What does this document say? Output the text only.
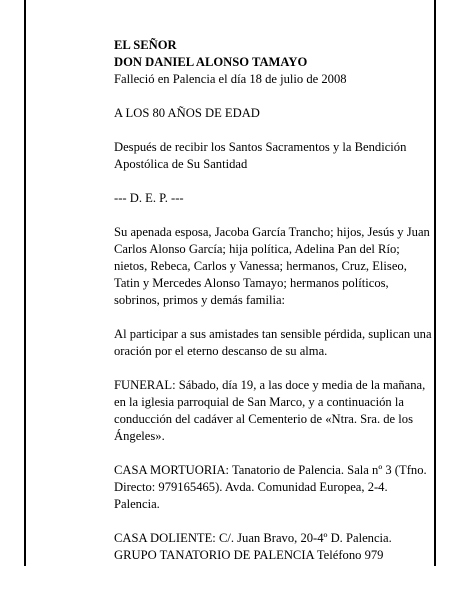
EL SEÑOR
DON DANIEL ALONSO TAMAYO
Falleció en Palencia el día 18 de julio de 2008

A LOS 80 AÑOS DE EDAD

Después de recibir los Santos Sacramentos y la Bendición Apostólica de Su Santidad

--- D. E. P. ---

Su apenada esposa, Jacoba García Trancho; hijos, Jesús y Juan Carlos Alonso García; hija política, Adelina Pan del Río; nietos, Rebeca, Carlos y Vanessa; hermanos, Cruz, Eliseo, Tatin y Mercedes Alonso Tamayo; hermanos políticos, sobrinos, primos y demás familia:

Al participar a sus amistades tan sensible pérdida, suplican una oración por el eterno descanso de su alma.

FUNERAL: Sábado, día 19, a las doce y media de la mañana, en la iglesia parroquial de San Marco, y a continuación la conducción del cadáver al Cementerio de «Ntra. Sra. de los Ángeles».

CASA MORTUORIA: Tanatorio de Palencia. Sala nº 3 (Tfno. Directo: 979165465). Avda. Comunidad Europea, 2-4. Palencia.

CASA DOLIENTE: C/. Juan Bravo, 20-4º D. Palencia.
GRUPO TANATORIO DE PALENCIA Teléfono 979
